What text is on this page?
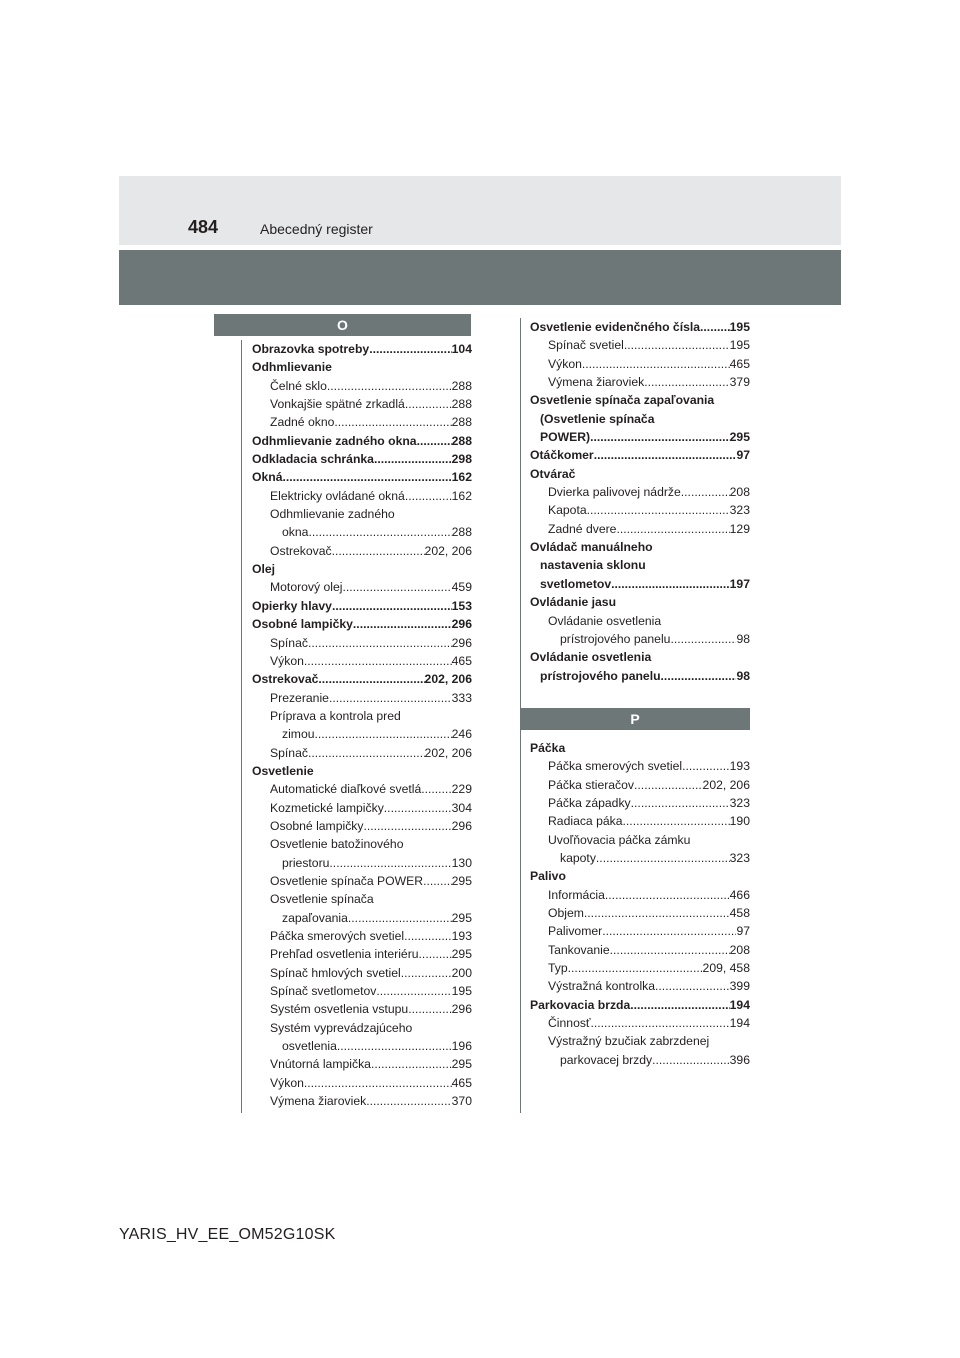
484	Abecedný register
O
Obrazovka spotreby .....	104
Odhmlievanie
Čelné sklo .....	288
Vonkajšie spätné zrkadlá .....	288
Zadné okno .....	288
Odhmlievanie zadného okna .....	288
Odkladacia schránka .....	298
Okná .....	162
Elektricky ovládané okná .....	162
Odhmlievanie zadného
okna .....	288
Ostrekovač .....	202, 206
Olej
Motorový olej .....	459
Opierky hlavy .....	153
Osobné lampičky .....	296
Spínač .....	296
Výkon .....	465
Ostrekovač .....	202, 206
Prezeranie .....	333
Príprava a kontrola pred
zimou .....	246
Spínač .....	202, 206
Osvetlenie
Automatické diaľkové svetlá ..... 229
Kozmetické lampičky .....	304
Osobné lampičky .....	296
Osvetlenie batožinového
priestoru .....	130
Osvetlenie spínača POWER ..... 295
Osvetlenie spínača
zapaľovania .....	295
Páčka smerových svetiel .....	193
Prehľad osvetlenia interiéru .....	295
Spínač hmlových svetiel .....	200
Spínač svetlometov .....	195
Systém osvetlenia vstupu .....	296
Systém vyprevádzajúceho
osvetlenia .....	196
Vnútorná lampička .....	295
Výkon .....	465
Výmena žiaroviek .....	370
Osvetlenie evidenčného čísla ..... 195
Spínač svetiel .....	195
Výkon .....	465
Výmena žiaroviek .....	379
Osvetlenie spínača zapaľovania
(Osvetlenie spínača
POWER) .....	295
Otáčkomer .....	97
Otvárač
Dvierka palivovej nádrže .....	208
Kapota .....	323
Zadné dvere .....	129
Ovládač manuálneho
nastavenia sklonu
svetlometov .....	197
Ovládanie jasu
Ovládanie osvetlenia
prístrojového panelu .....	98
Ovládanie osvetlenia
prístrojového panelu .....	98
Páčka
Páčka smerových svetiel .....	193
Páčka stieračov .....	202, 206
Páčka západky .....	323
Radiaca páka .....	190
Uvoľňovacia páčka zámku
kapoty .....	323
Palivo
Informácia .....	466
Objem .....	458
Palivomer .....	97
Tankovanie .....	208
Typ .....	209, 458
Výstražná kontrolka .....	399
Parkovacia brzda .....	194
Činnosť .....	194
Výstražný bzučiak zabrzdenej
parkovacej brzdy .....	396
P
YARIS_HV_EE_OM52G10SK
